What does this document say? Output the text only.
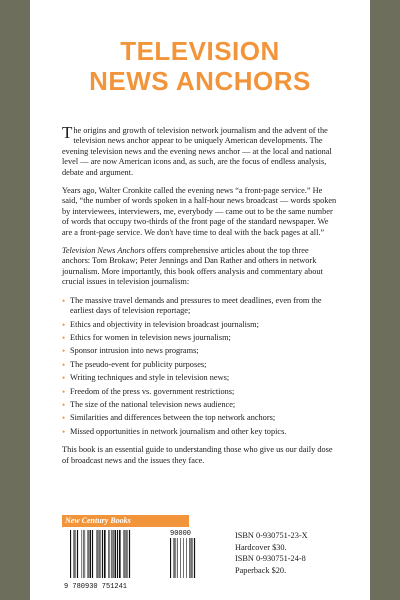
TELEVISION
NEWS ANCHORS

The origins and growth of television network journalism and the advent of the television news anchor appear to be uniquely American developments. The evening television news and the evening news anchor — at the local and national level — are now American icons and, as such, are the focus of endless analysis, debate and argument.

Years ago, Walter Cronkite called the evening news “a front-page service.” He said, “the number of words spoken in a half-hour news broadcast — words spoken by interviewees, interviewers, me, everybody — came out to be the same number of words that occupy two-thirds of the front page of the standard newspaper. We are a front-page service. We don't have time to deal with the back pages at all.”

Television News Anchors offers comprehensive articles about the top three anchors: Tom Brokaw; Peter Jennings and Dan Rather and others in network journalism. More importantly, this book offers analysis and commentary about crucial issues in television journalism:

• The massive travel demands and pressures to meet deadlines, even from the earliest days of television reportage;
• Ethics and objectivity in television broadcast journalism;
• Ethics for women in television news journalism;
• Sponsor intrusion into news programs;
• The pseudo-event for publicity purposes;
• Writing techniques and style in television news;
• Freedom of the press vs. government restrictions;
• The size of the national television news audience;
• Similarities and differences between the top network anchors;
• Missed opportunities in network journalism and other key topics.

This book is an essential guide to understanding those who give us our daily dose of broadcast news and the issues they face.

New Century Books
9 780930 751241
90000	ISBN 0-930751-23-X
Hardcover $30.
ISBN 0-930751-24-8
Paperback $20.
